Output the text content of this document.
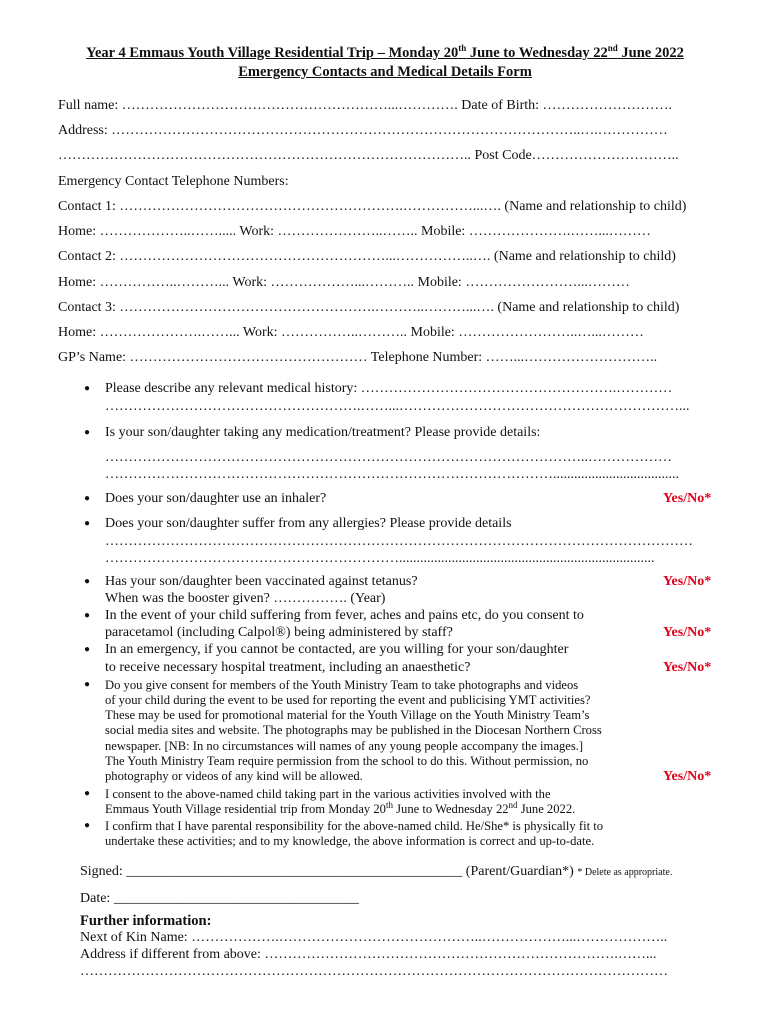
Year 4 Emmaus Youth Village Residential Trip – Monday 20th June to Wednesday 22nd June 2022
Emergency Contacts and Medical Details Form
Full name: …………………………………………………...…………. Date of Birth: ……………………….
Address: ………………………………………………………………………………………..….……………
…………………………………………………………………………….. Post Code…………………………..
Emergency Contact Telephone Numbers:
Contact 1: …………………………………………………….……………...…. (Name and relationship to child)
Home: ………………..……..... Work: …………………..…….. Mobile: ………………….……...………
Contact 2: …………………………………………………...……………..…. (Name and relationship to child)
Home: ……………..………... Work: ………………...……….. Mobile: ……………………...………
Contact 3: ……………………………………………….………..………...…. (Name and relationship to child)
Home: ………………….……... Work: ……………..……….. Mobile: ……………………..…...………
GP’s Name: …………………………………………… Telephone Number: ……...………………………..
● Please describe any relevant medical history: ……………………………………………….…………
……………………………………………….……...……………………………………………………...
● Is your son/daughter taking any medication/treatment? Please provide details:
…………………………………………………………………………………………..………………
……………………………………………………………………………………....................................
● Does your son/daughter use an inhaler?	Yes/No*
● Does your son/daughter suffer from any allergies? Please provide details
………………………………………………………………………………………………………………
……………………………………………………….........................................................................
● Has your son/daughter been vaccinated against tetanus?	Yes/No*
When was the booster given? ……………. (Year)
● In the event of your child suffering from fever, aches and pains etc, do you consent to
paracetamol (including Calpol®) being administered by staff?	Yes/No*
● In an emergency, if you cannot be contacted, are you willing for your son/daughter
to receive necessary hospital treatment, including an anaesthetic?	Yes/No*
● Do you give consent for members of the Youth Ministry Team to take photographs and videos
of your child during the event to be used for reporting the event and publicising YMT activities?
These may be used for promotional material for the Youth Village on the Youth Ministry Team’s
social media sites and website. The photographs may be published in the Diocesan Northern Cross
newspaper. [NB: In no circumstances will names of any young people accompany the images.]
The Youth Ministry Team require permission from the school to do this. Without permission, no
photography or videos of any kind will be allowed.	Yes/No*
● I consent to the above-named child taking part in the various activities involved with the
Emmaus Youth Village residential trip from Monday 20th June to Wednesday 22nd June 2022.
● I confirm that I have parental responsibility for the above-named child. He/She* is physically fit to
undertake these activities; and to my knowledge, the above information is correct and up-to-date.
Signed: ________________________________________________ (Parent/Guardian*) * Delete as appropriate.
Date: ___________________________________
Further information:
Next of Kin Name: ……………….……………………………………..………………...………………..
Address if different from above: ………………………………………………………………….……...
………………………………………………………………………………………………………………
